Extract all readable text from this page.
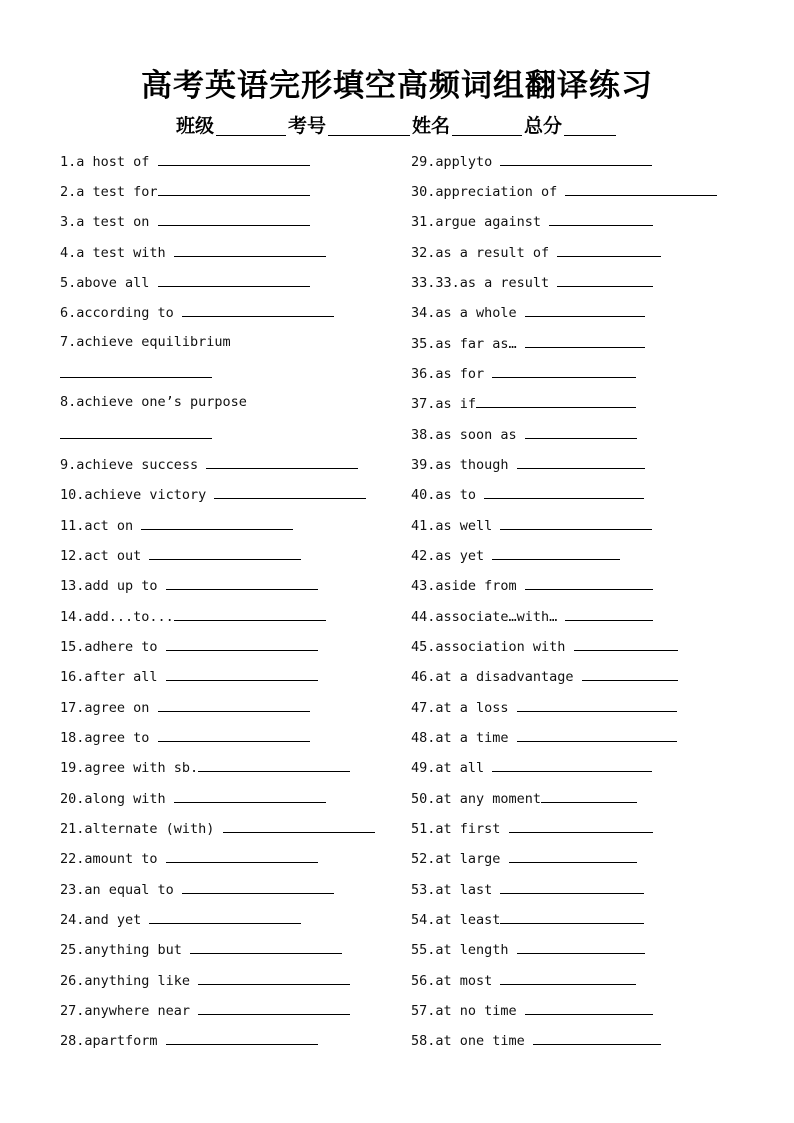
高考英语完形填空高频词组翻译练习
班级	考号	姓名	总分
1.a host of
2.a test for
3.a test on
4.a test with
5.above all
6.according to
7.achieve equilibrium
8.achieve one’s purpose
9.achieve success
10.achieve victory
11.act on
12.act out
13.add up to
14.add...to...
15.adhere to
16.after all
17.agree on
18.agree to
19.agree with sb.
20.along with
21.alternate (with)
22.amount to
23.an equal to
24.and yet
25.anything but
26.anything like
27.anywhere near
28.apartform
29.applyto
30.appreciation of
31.argue against
32.as a result of
33.33.as a result
34.as a whole
35.as far as…
36.as for
37.as if
38.as soon as
39.as though
40.as to
41.as well
42.as yet
43.aside from
44.associate…with…
45.association with
46.at a disadvantage
47.at a loss
48.at a time
49.at all
50.at any moment
51.at first
52.at large
53.at last
54.at least
55.at length
56.at most
57.at no time
58.at one time
